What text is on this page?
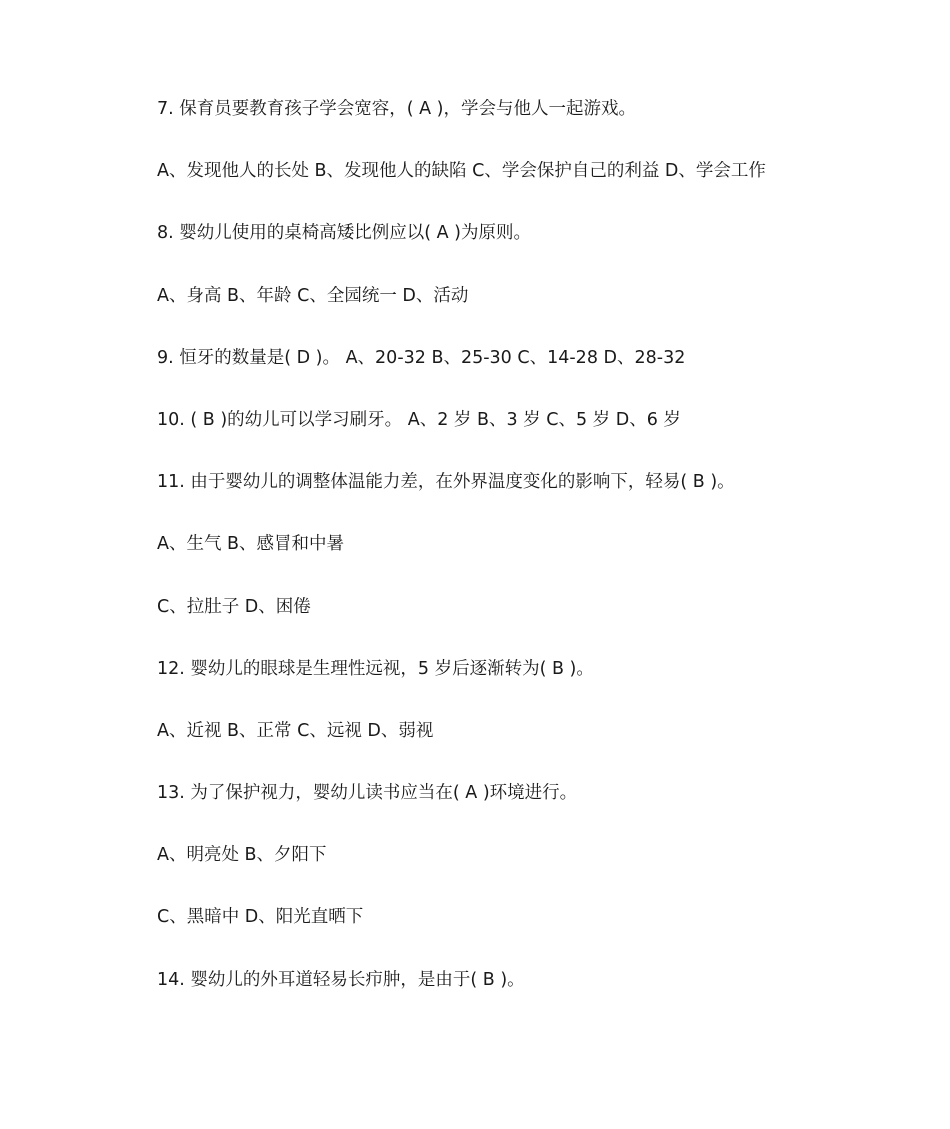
7. 保育员要教育孩子学会宽容，( A )，学会与他人一起游戏。
A、发现他人的长处 B、发现他人的缺陷 C、学会保护自己的利益 D、学会工作
8. 婴幼儿使用的桌椅高矮比例应以( A )为原则。
A、身高 B、年龄 C、全园统一 D、活动
9. 恒牙的数量是( D )。 A、20-32 B、25-30 C、14-28 D、28-32
10. ( B )的幼儿可以学习刷牙。 A、2 岁 B、3 岁 C、5 岁 D、6 岁
11. 由于婴幼儿的调整体温能力差，在外界温度变化的影响下，轻易( B )。
A、生气 B、感冒和中暑
C、拉肚子 D、困倦
12. 婴幼儿的眼球是生理性远视，5 岁后逐渐转为( B )。
A、近视 B、正常 C、远视 D、弱视
13. 为了保护视力，婴幼儿读书应当在( A )环境进行。
A、明亮处 B、夕阳下
C、黑暗中 D、阳光直晒下
14. 婴幼儿的外耳道轻易长疖肿，是由于( B )。
